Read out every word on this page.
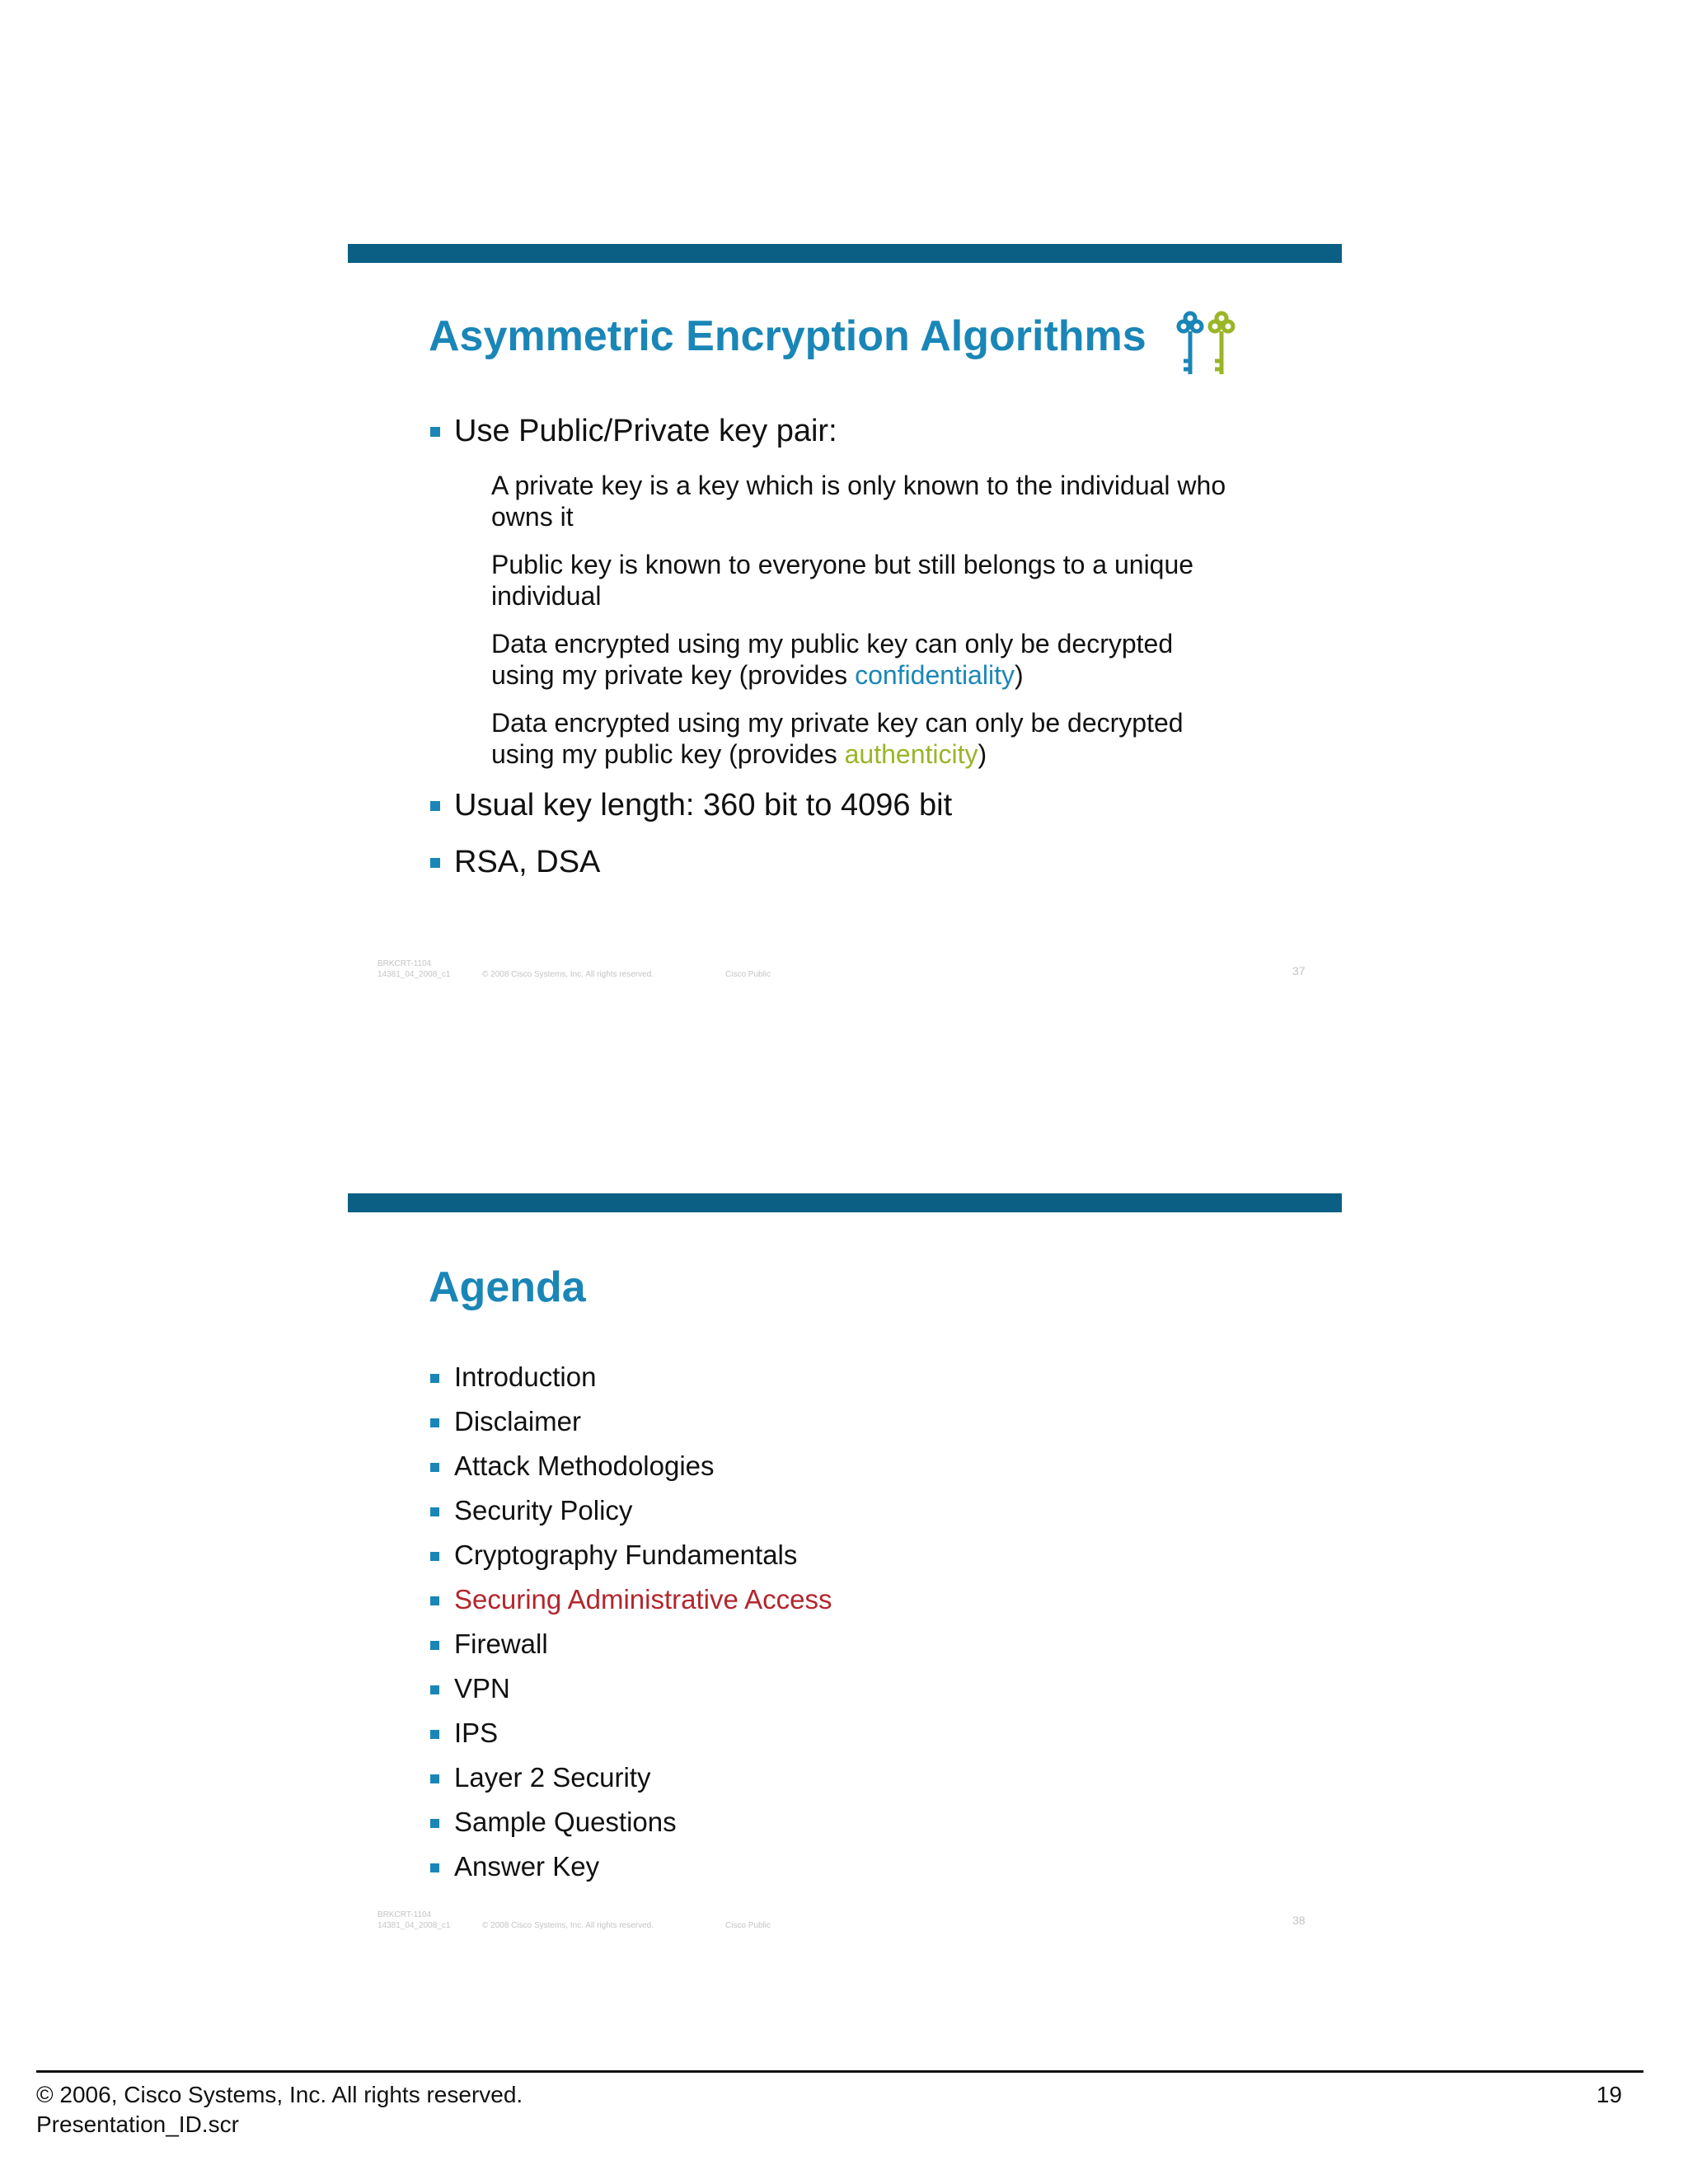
Asymmetric Encryption Algorithms
Use Public/Private key pair:
A private key is a key which is only known to the individual who
owns it
Public key is known to everyone but still belongs to a unique
individual
Data encrypted using my public key can only be decrypted
using my private key (provides confidentiality)
Data encrypted using my private key can only be decrypted
using my public key (provides authenticity)
Usual key length: 360 bit to 4096 bit
RSA, DSA
BRKCRT-1104
14381_04_2008_c1	© 2008 Cisco Systems, Inc. All rights reserved.	Cisco Public	37
Agenda
Introduction
Disclaimer
Attack Methodologies
Security Policy
Cryptography Fundamentals
Securing Administrative Access
Firewall
VPN
IPS
Layer 2 Security
Sample Questions
Answer Key
BRKCRT-1104
14381_04_2008_c1	© 2008 Cisco Systems, Inc. All rights reserved.	Cisco Public	38
© 2006, Cisco Systems, Inc. All rights reserved.
Presentation_ID.scr
19
